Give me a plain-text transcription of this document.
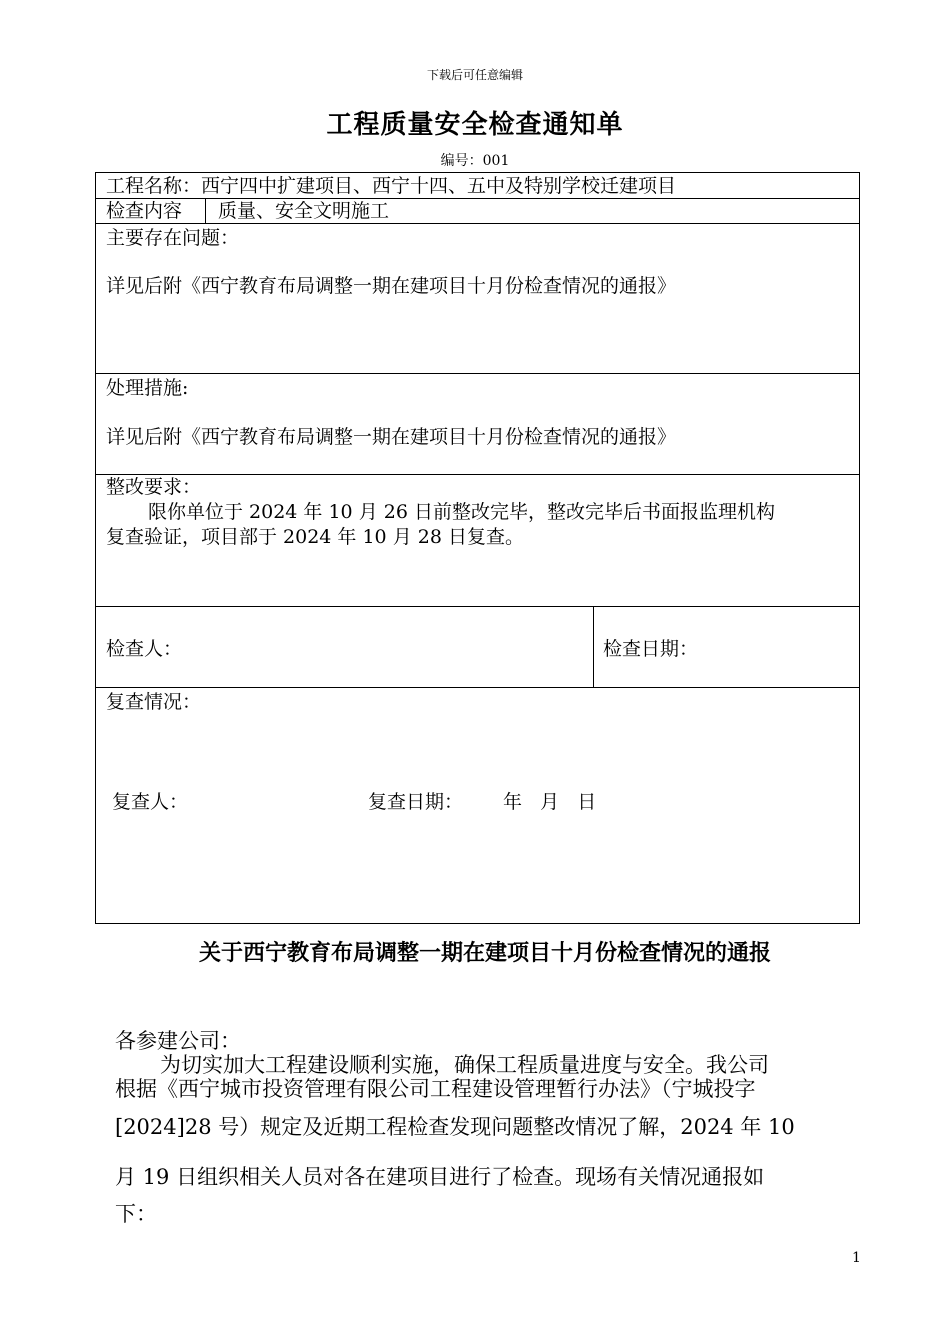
下载后可任意编辑
工程质量安全检查通知单
编号：001
工程名称：西宁四中扩建项目、西宁十四、五中及特别学校迁建项目
检查内容 质量、安全文明施工
主要存在问题：
详见后附《西宁教育布局调整一期在建项目十月份检查情况的通报》
处理措施:
详见后附《西宁教育布局调整一期在建项目十月份检查情况的通报》
整改要求：
限你单位于 2024 年 10 月 26 日前整改完毕，整改完毕后书面报监理机构
复查验证，项目部于 2024 年 10 月 28 日复查。
检查人：	检查日期：
复查情况：
复查人：	复查日期： 年   月   日
关于西宁教育布局调整一期在建项目十月份检查情况的通报
各参建公司：
为切实加大工程建设顺利实施，确保工程质量进度与安全。我公司
根据《西宁城市投资管理有限公司工程建设管理暂行办法》（宁城投字
[2024]28 号）规定及近期工程检查发现问题整改情况了解，2024 年 10
月 19 日组织相关人员对各在建项目进行了检查。现场有关情况通报如
下：
1
